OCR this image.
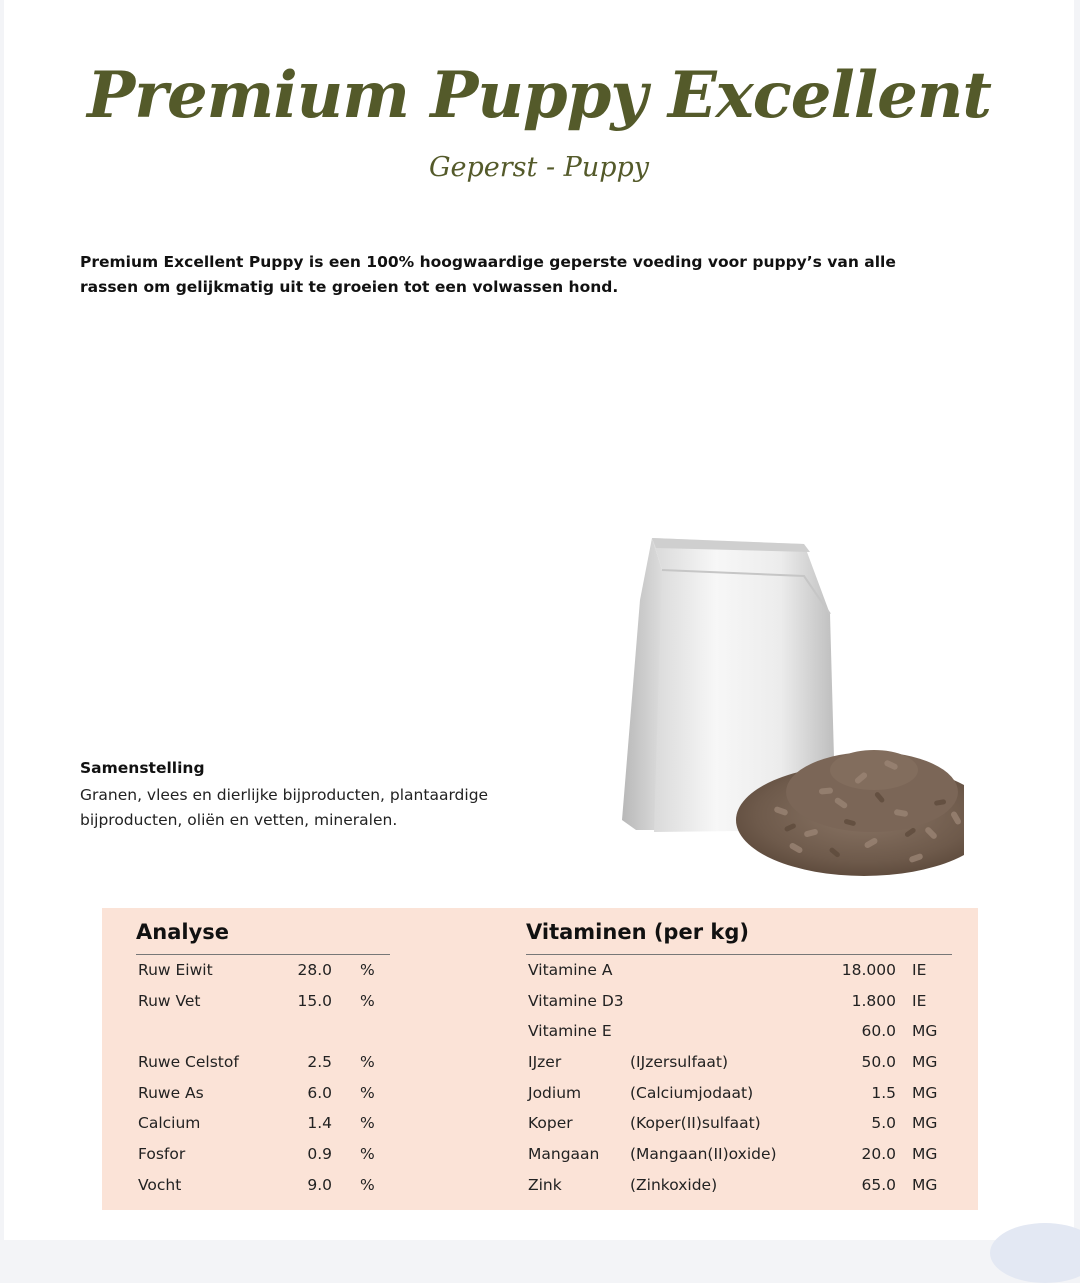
Premium Puppy Excellent
Geperst - Puppy
Premium Excellent Puppy is een 100% hoogwaardige geperste voeding voor puppy’s van alle rassen om gelijkmatig uit te groeien tot een volwassen hond.
Samenstelling
Granen, vlees en dierlijke bijproducten, plantaardige bijproducten, oliën en vetten, mineralen.
Analyse
Ruw Eiwit	28.0 %
Ruw Vet	15.0 %
Ruwe Celstof	2.5 %
Ruwe As	6.0 %
Calcium	1.4 %
Fosfor	0.9 %
Vocht	9.0 %
Vitaminen (per kg)
Vitamine A	18.000 IE
Vitamine D3	1.800 IE
Vitamine E	60.0 MG
IJzer	(IJzersulfaat)	50.0 MG
Jodium	(Calciumjodaat)	1.5 MG
Koper	(Koper(II)sulfaat)	5.0 MG
Mangaan (Mangaan(II)oxide)	20.0 MG
Zink	(Zinkoxide)	65.0 MG
